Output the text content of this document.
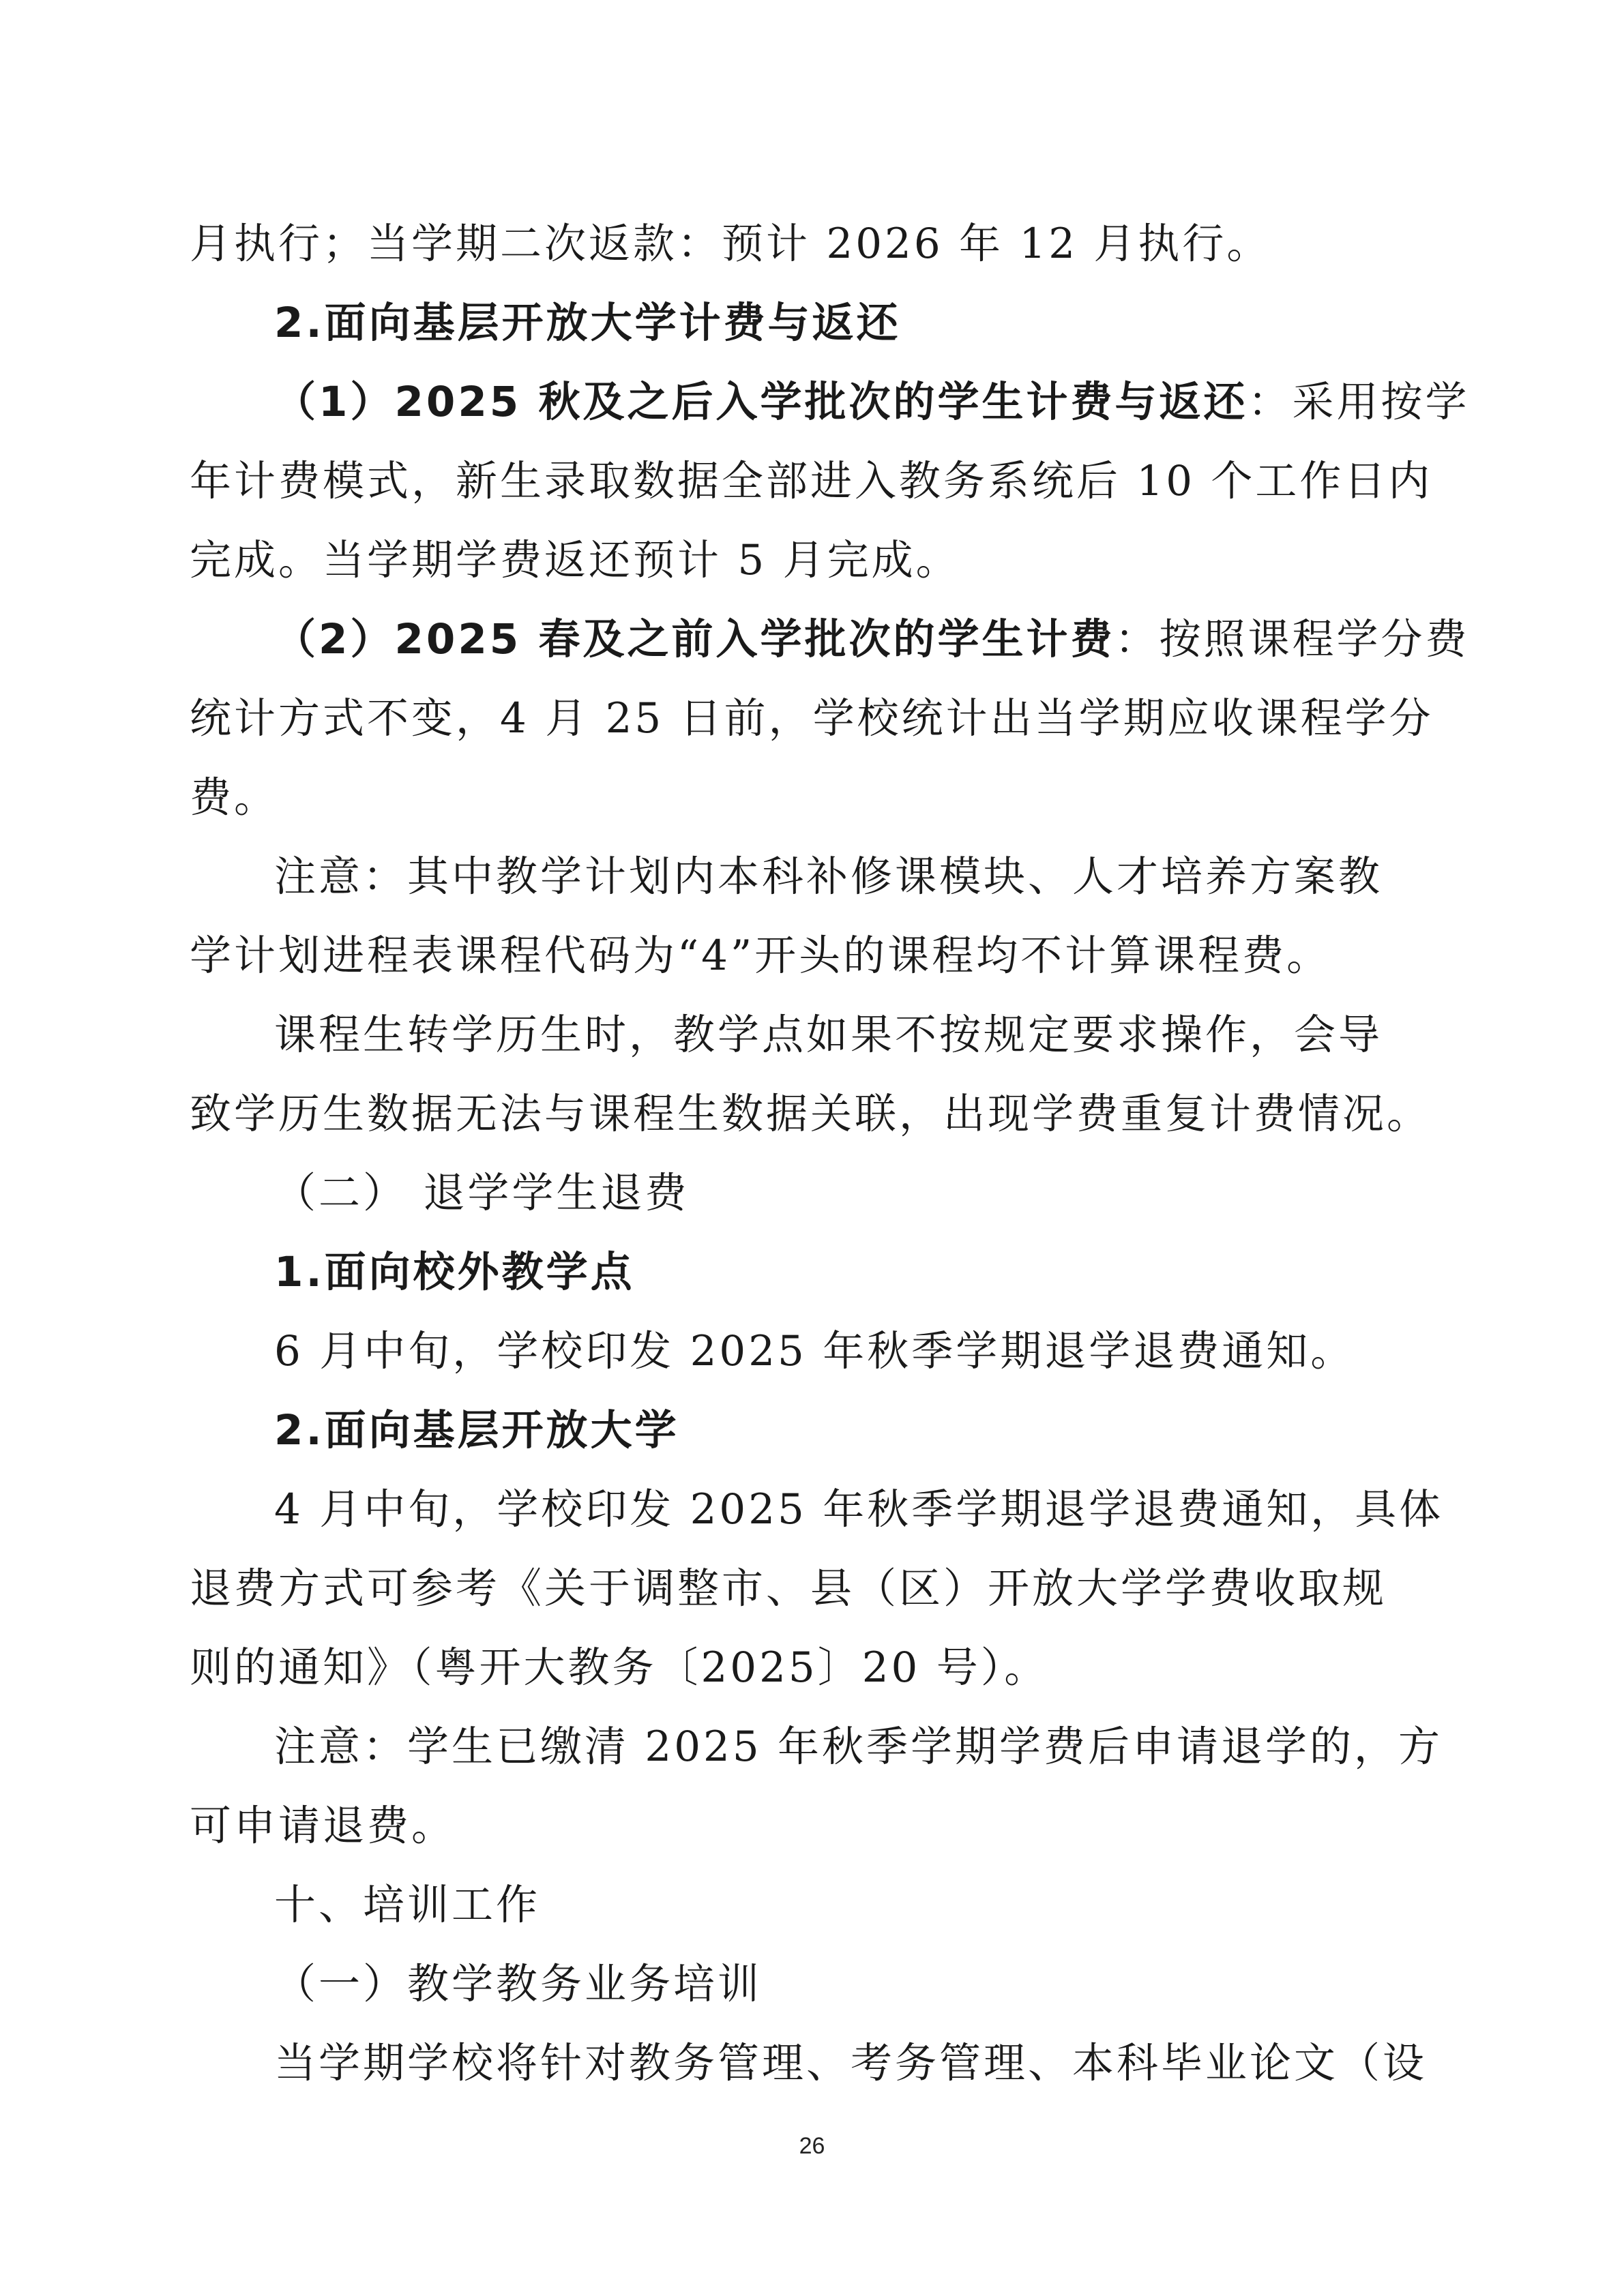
月执行；当学期二次返款：预计 2026 年 12 月执行。
2.面向基层开放大学计费与返还
（1）2025 秋及之后入学批次的学生计费与返还：采用按学
年计费模式，新生录取数据全部进入教务系统后 10 个工作日内
完成。当学期学费返还预计 5 月完成。
（2）2025 春及之前入学批次的学生计费：按照课程学分费
统计方式不变，4 月 25 日前，学校统计出当学期应收课程学分
费。
注意：其中教学计划内本科补修课模块、人才培养方案教
学计划进程表课程代码为“4”开头的课程均不计算课程费。
课程生转学历生时，教学点如果不按规定要求操作，会导
致学历生数据无法与课程生数据关联，出现学费重复计费情况。
（二） 退学学生退费
1.面向校外教学点
6 月中旬，学校印发 2025 年秋季学期退学退费通知。
2.面向基层开放大学
4 月中旬，学校印发 2025 年秋季学期退学退费通知，具体
退费方式可参考《关于调整市、县（区）开放大学学费收取规
则的通知》（粤开大教务〔2025〕20 号）。
注意：学生已缴清 2025 年秋季学期学费后申请退学的，方
可申请退费。
十、培训工作
（一）教学教务业务培训
当学期学校将针对教务管理、考务管理、本科毕业论文（设
26
